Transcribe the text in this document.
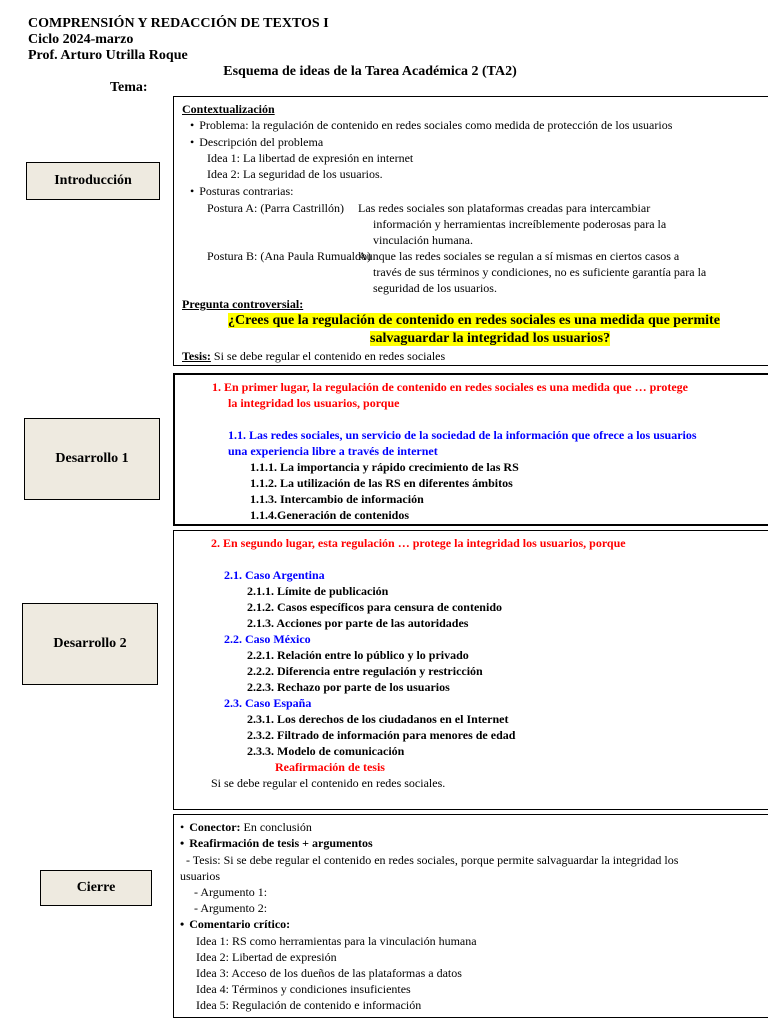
COMPRENSIÓN Y REDACCIÓN DE TEXTOS I
Ciclo 2024-marzo
Prof. Arturo Utrilla Roque
Esquema de ideas de la Tarea Académica 2 (TA2)
Tema:
Introducción
Desarrollo 1
Desarrollo 2
Cierre
Contextualización
• Problema: la regulación de contenido en redes sociales como medida de protección de los usuarios
• Descripción del problema
Idea 1: La libertad de expresión en internet
Idea 2: La seguridad de los usuarios.
• Posturas contrarias:
Postura A: (Parra Castrillón) Las redes sociales son plataformas creadas para intercambiar
información y herramientas increíblemente poderosas para la
vinculación humana.
Postura B: (Ana Paula Rumualdo)
Aunque las redes sociales se regulan a sí mismas en ciertos casos a
través de sus términos y condiciones, no es suficiente garantía para la
seguridad de los usuarios.
Pregunta controversial:
¿Crees que la regulación de contenido en redes sociales es una medida que permite
salvaguardar la integridad los usuarios?
Tesis: Si se debe regular el contenido en redes sociales
1. En primer lugar, la regulación de contenido en redes sociales es una medida que … protege
la integridad los usuarios, porque
1.1. Las redes sociales, un servicio de la sociedad de la información que ofrece a los usuarios
una experiencia libre a través de internet
1.1.1. La importancia y rápido crecimiento de las RS
1.1.2. La utilización de las RS en diferentes ámbitos
1.1.3. Intercambio de información
1.1.4.Generación de contenidos
2. En segundo lugar, esta regulación … protege la integridad los usuarios, porque
2.1. Caso Argentina
2.1.1. Límite de publicación
2.1.2. Casos específicos para censura de contenido
2.1.3. Acciones por parte de las autoridades
2.2. Caso México
2.2.1. Relación entre lo público y lo privado
2.2.2. Diferencia entre regulación y restricción
2.2.3. Rechazo por parte de los usuarios
2.3. Caso España
2.3.1. Los derechos de los ciudadanos en el Internet
2.3.2. Filtrado de información para menores de edad
2.3.3. Modelo de comunicación
Reafirmación de tesis
Si se debe regular el contenido en redes sociales.
• Conector: En conclusión
• Reafirmación de tesis + argumentos
- Tesis: Si se debe regular el contenido en redes sociales, porque permite salvaguardar la integridad los
usuarios
- Argumento 1:
- Argumento 2:
• Comentario crítico:
Idea 1: RS como herramientas para la vinculación humana
Idea 2: Libertad de expresión
Idea 3: Acceso de los dueños de las plataformas a datos
Idea 4: Términos y condiciones insuficientes
Idea 5: Regulación de contenido e información
